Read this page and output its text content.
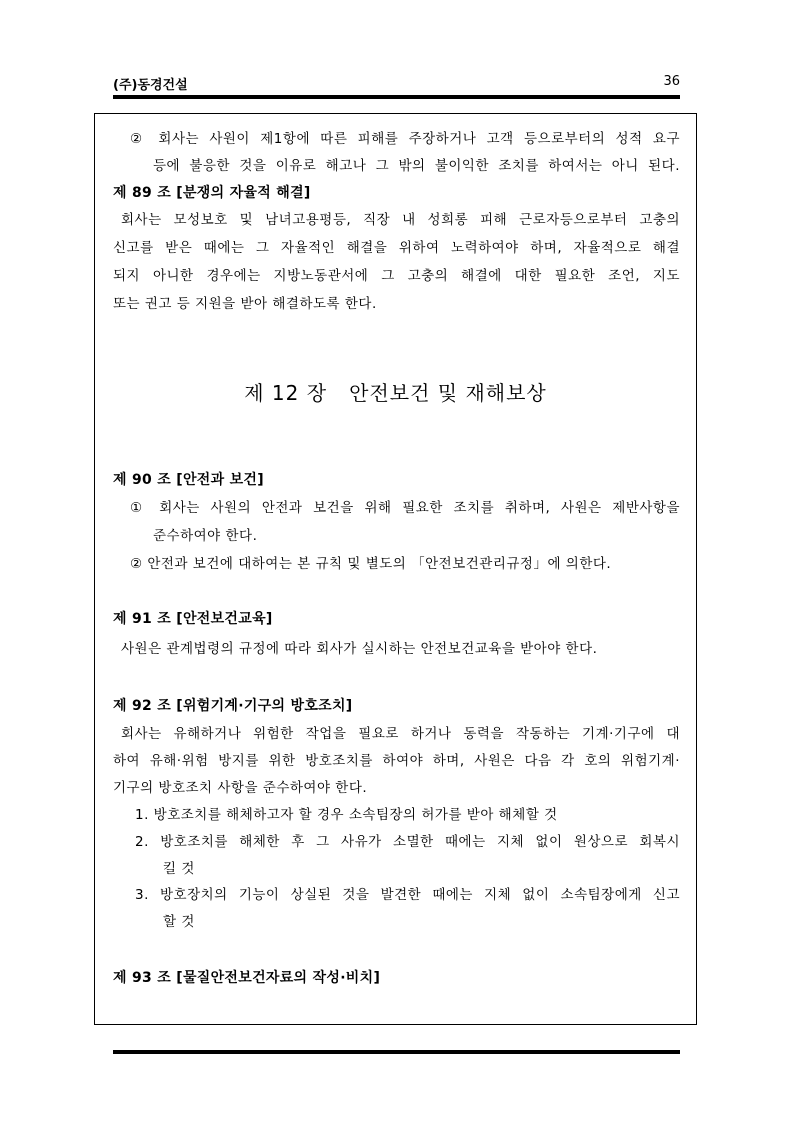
(주)동경건설	36
② 회사는 사원이 제1항에 따른 피해를 주장하거나 고객 등으로부터의 성적 요구
등에 불응한 것을 이유로 해고나 그 밖의 불이익한 조치를 하여서는 아니 된다.
제 89 조 [분쟁의 자율적 해결]
회사는 모성보호 및 남녀고용평등, 직장 내 성희롱 피해 근로자등으로부터 고충의
신고를 받은 때에는 그 자율적인 해결을 위하여 노력하여야 하며, 자율적으로 해결
되지 아니한 경우에는 지방노동관서에 그 고충의 해결에 대한 필요한 조언, 지도
또는 권고 등 지원을 받아 해결하도록 한다.
제 12 장   안전보건 및 재해보상
제 90 조 [안전과 보건]
① 회사는 사원의 안전과 보건을 위해 필요한 조치를 취하며, 사원은 제반사항을
준수하여야 한다.
② 안전과 보건에 대하여는 본 규칙 및 별도의 「안전보건관리규정」에 의한다.
제 91 조 [안전보건교육]
사원은 관계법령의 규정에 따라 회사가 실시하는 안전보건교육을 받아야 한다.
제 92 조 [위험기계·기구의 방호조치]
회사는 유해하거나 위험한 작업을 필요로 하거나 동력을 작동하는 기계·기구에 대
하여 유해·위험 방지를 위한 방호조치를 하여야 하며, 사원은 다음 각 호의 위험기계·
기구의 방호조치 사항을 준수하여야 한다.
1. 방호조치를 해체하고자 할 경우 소속팀장의 허가를 받아 해체할 것
2. 방호조치를 해체한 후 그 사유가 소멸한 때에는 지체 없이 원상으로 회복시
킬 것
3. 방호장치의 기능이 상실된 것을 발견한 때에는 지체 없이 소속팀장에게 신고
할 것
제 93 조 [물질안전보건자료의 작성·비치]
